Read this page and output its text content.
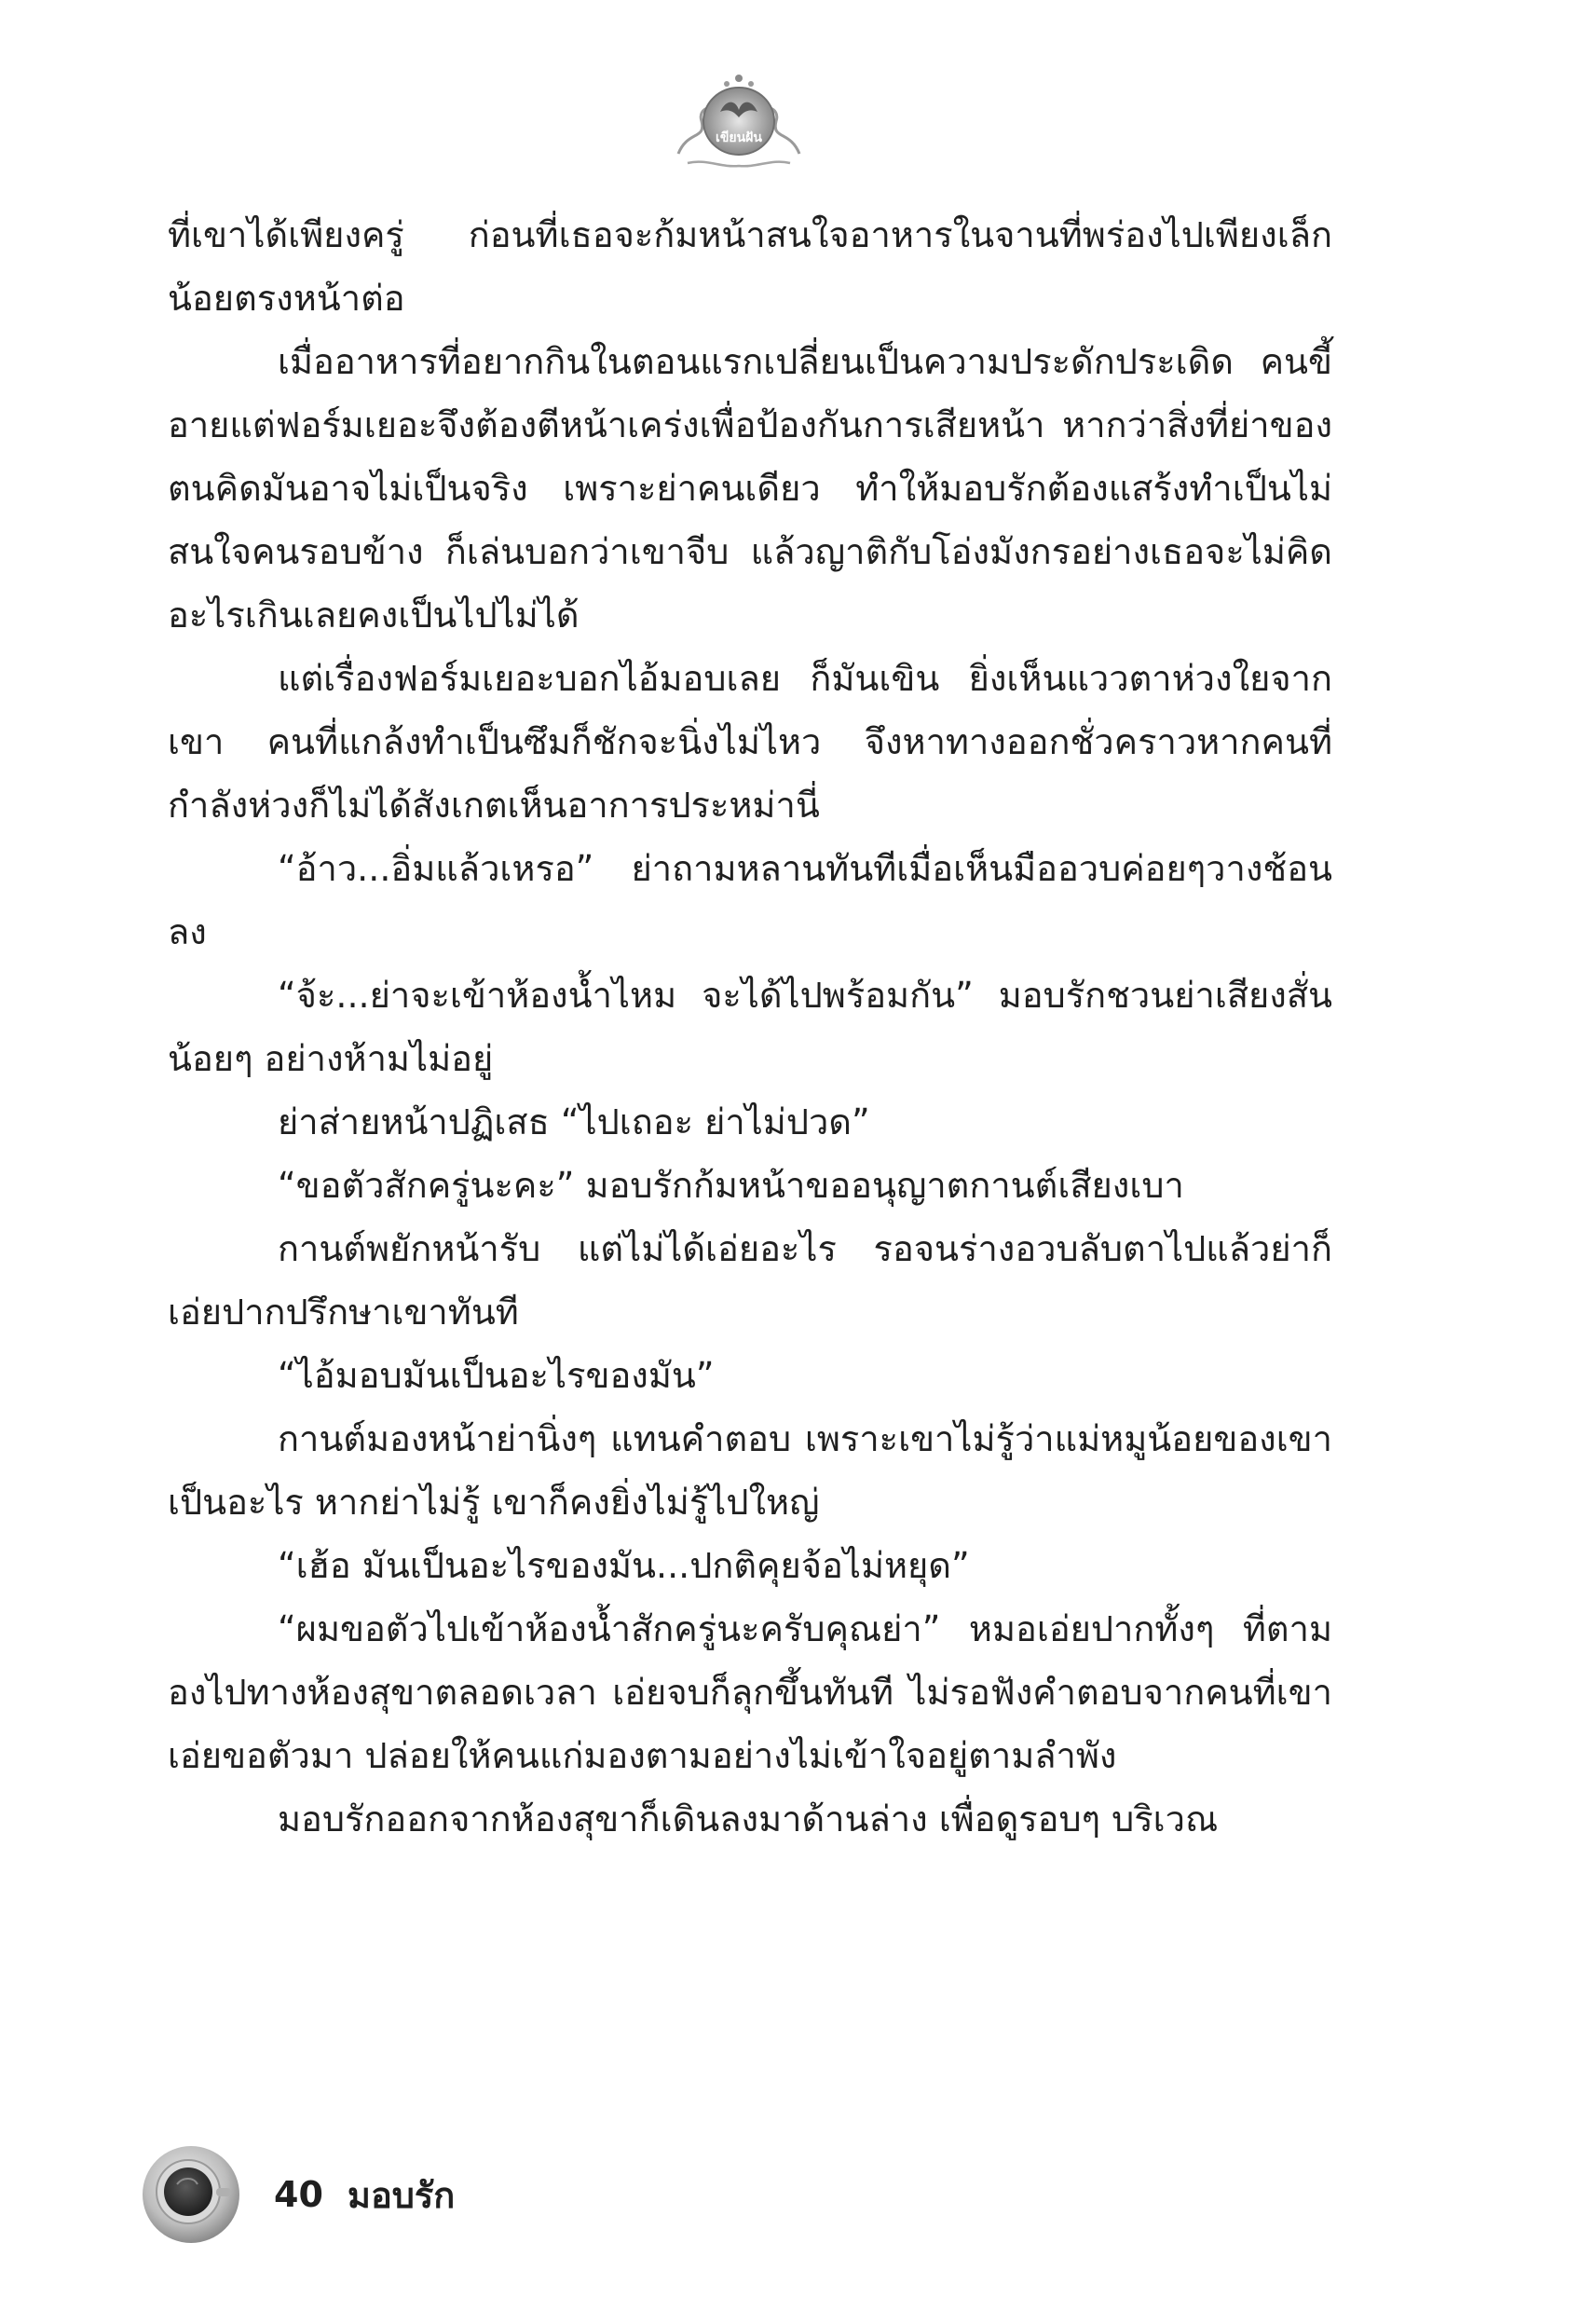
เขียนฝัน

ที่เขาได้เพียงครู่ ก่อนที่เธอจะก้มหน้าสนใจอาหารในจานที่พร่องไปเพียงเล็กน้อยตรงหน้าต่อ

เมื่ออาหารที่อยากกินในตอนแรกเปลี่ยนเป็นความประดักประเดิด คนขี้อายแต่ฟอร์มเยอะจึงต้องตีหน้าเคร่งเพื่อป้องกันการเสียหน้า หากว่าสิ่งที่ย่าของตนคิดมันอาจไม่เป็นจริง เพราะย่าคนเดียว ทำให้มอบรักต้องแสร้งทำเป็นไม่สนใจคนรอบข้าง ก็เล่นบอกว่าเขาจีบ แล้วญาติกับโอ่งมังกรอย่างเธอจะไม่คิดอะไรเกินเลยคงเป็นไปไม่ได้

แต่เรื่องฟอร์มเยอะบอกไอ้มอบเลย ก็มันเขิน ยิ่งเห็นแววตาห่วงใยจากเขา คนที่แกล้งทำเป็นซึมก็ชักจะนิ่งไม่ไหว จึงหาทางออกชั่วคราวหากคนที่กำลังห่วงก็ไม่ได้สังเกตเห็นอาการประหม่านี่

“อ้าว...อิ่มแล้วเหรอ” ย่าถามหลานทันทีเมื่อเห็นมืออวบค่อยๆวางช้อนลง

“จ้ะ...ย่าจะเข้าห้องน้ำไหม จะได้ไปพร้อมกัน” มอบรักชวนย่าเสียงสั่นน้อยๆ อย่างห้ามไม่อยู่

ย่าส่ายหน้าปฏิเสธ “ไปเถอะ ย่าไม่ปวด”

“ขอตัวสักครู่นะคะ” มอบรักก้มหน้าขออนุญาตกานต์เสียงเบา

กานต์พยักหน้ารับ แต่ไม่ได้เอ่ยอะไร รอจนร่างอวบลับตาไปแล้วย่าก็เอ่ยปากปรึกษาเขาทันที

“ไอ้มอบมันเป็นอะไรของมัน”

กานต์มองหน้าย่านิ่งๆ แทนคำตอบ เพราะเขาไม่รู้ว่าแม่หมูน้อยของเขาเป็นอะไร หากย่าไม่รู้ เขาก็คงยิ่งไม่รู้ไปใหญ่

“เฮ้อ มันเป็นอะไรของมัน...ปกติคุยจ้อไม่หยุด”

“ผมขอตัวไปเข้าห้องน้ำสักครู่นะครับคุณย่า” หมอเอ่ยปากทั้งๆ ที่ตามองไปทางห้องสุขาตลอดเวลา เอ่ยจบก็ลุกขึ้นทันที ไม่รอฟังคำตอบจากคนที่เขาเอ่ยขอตัวมา ปล่อยให้คนแก่มองตามอย่างไม่เข้าใจอยู่ตามลำพัง

มอบรักออกจากห้องสุขาก็เดินลงมาด้านล่าง เพื่อดูรอบๆ บริเวณ

40 มอบรัก
